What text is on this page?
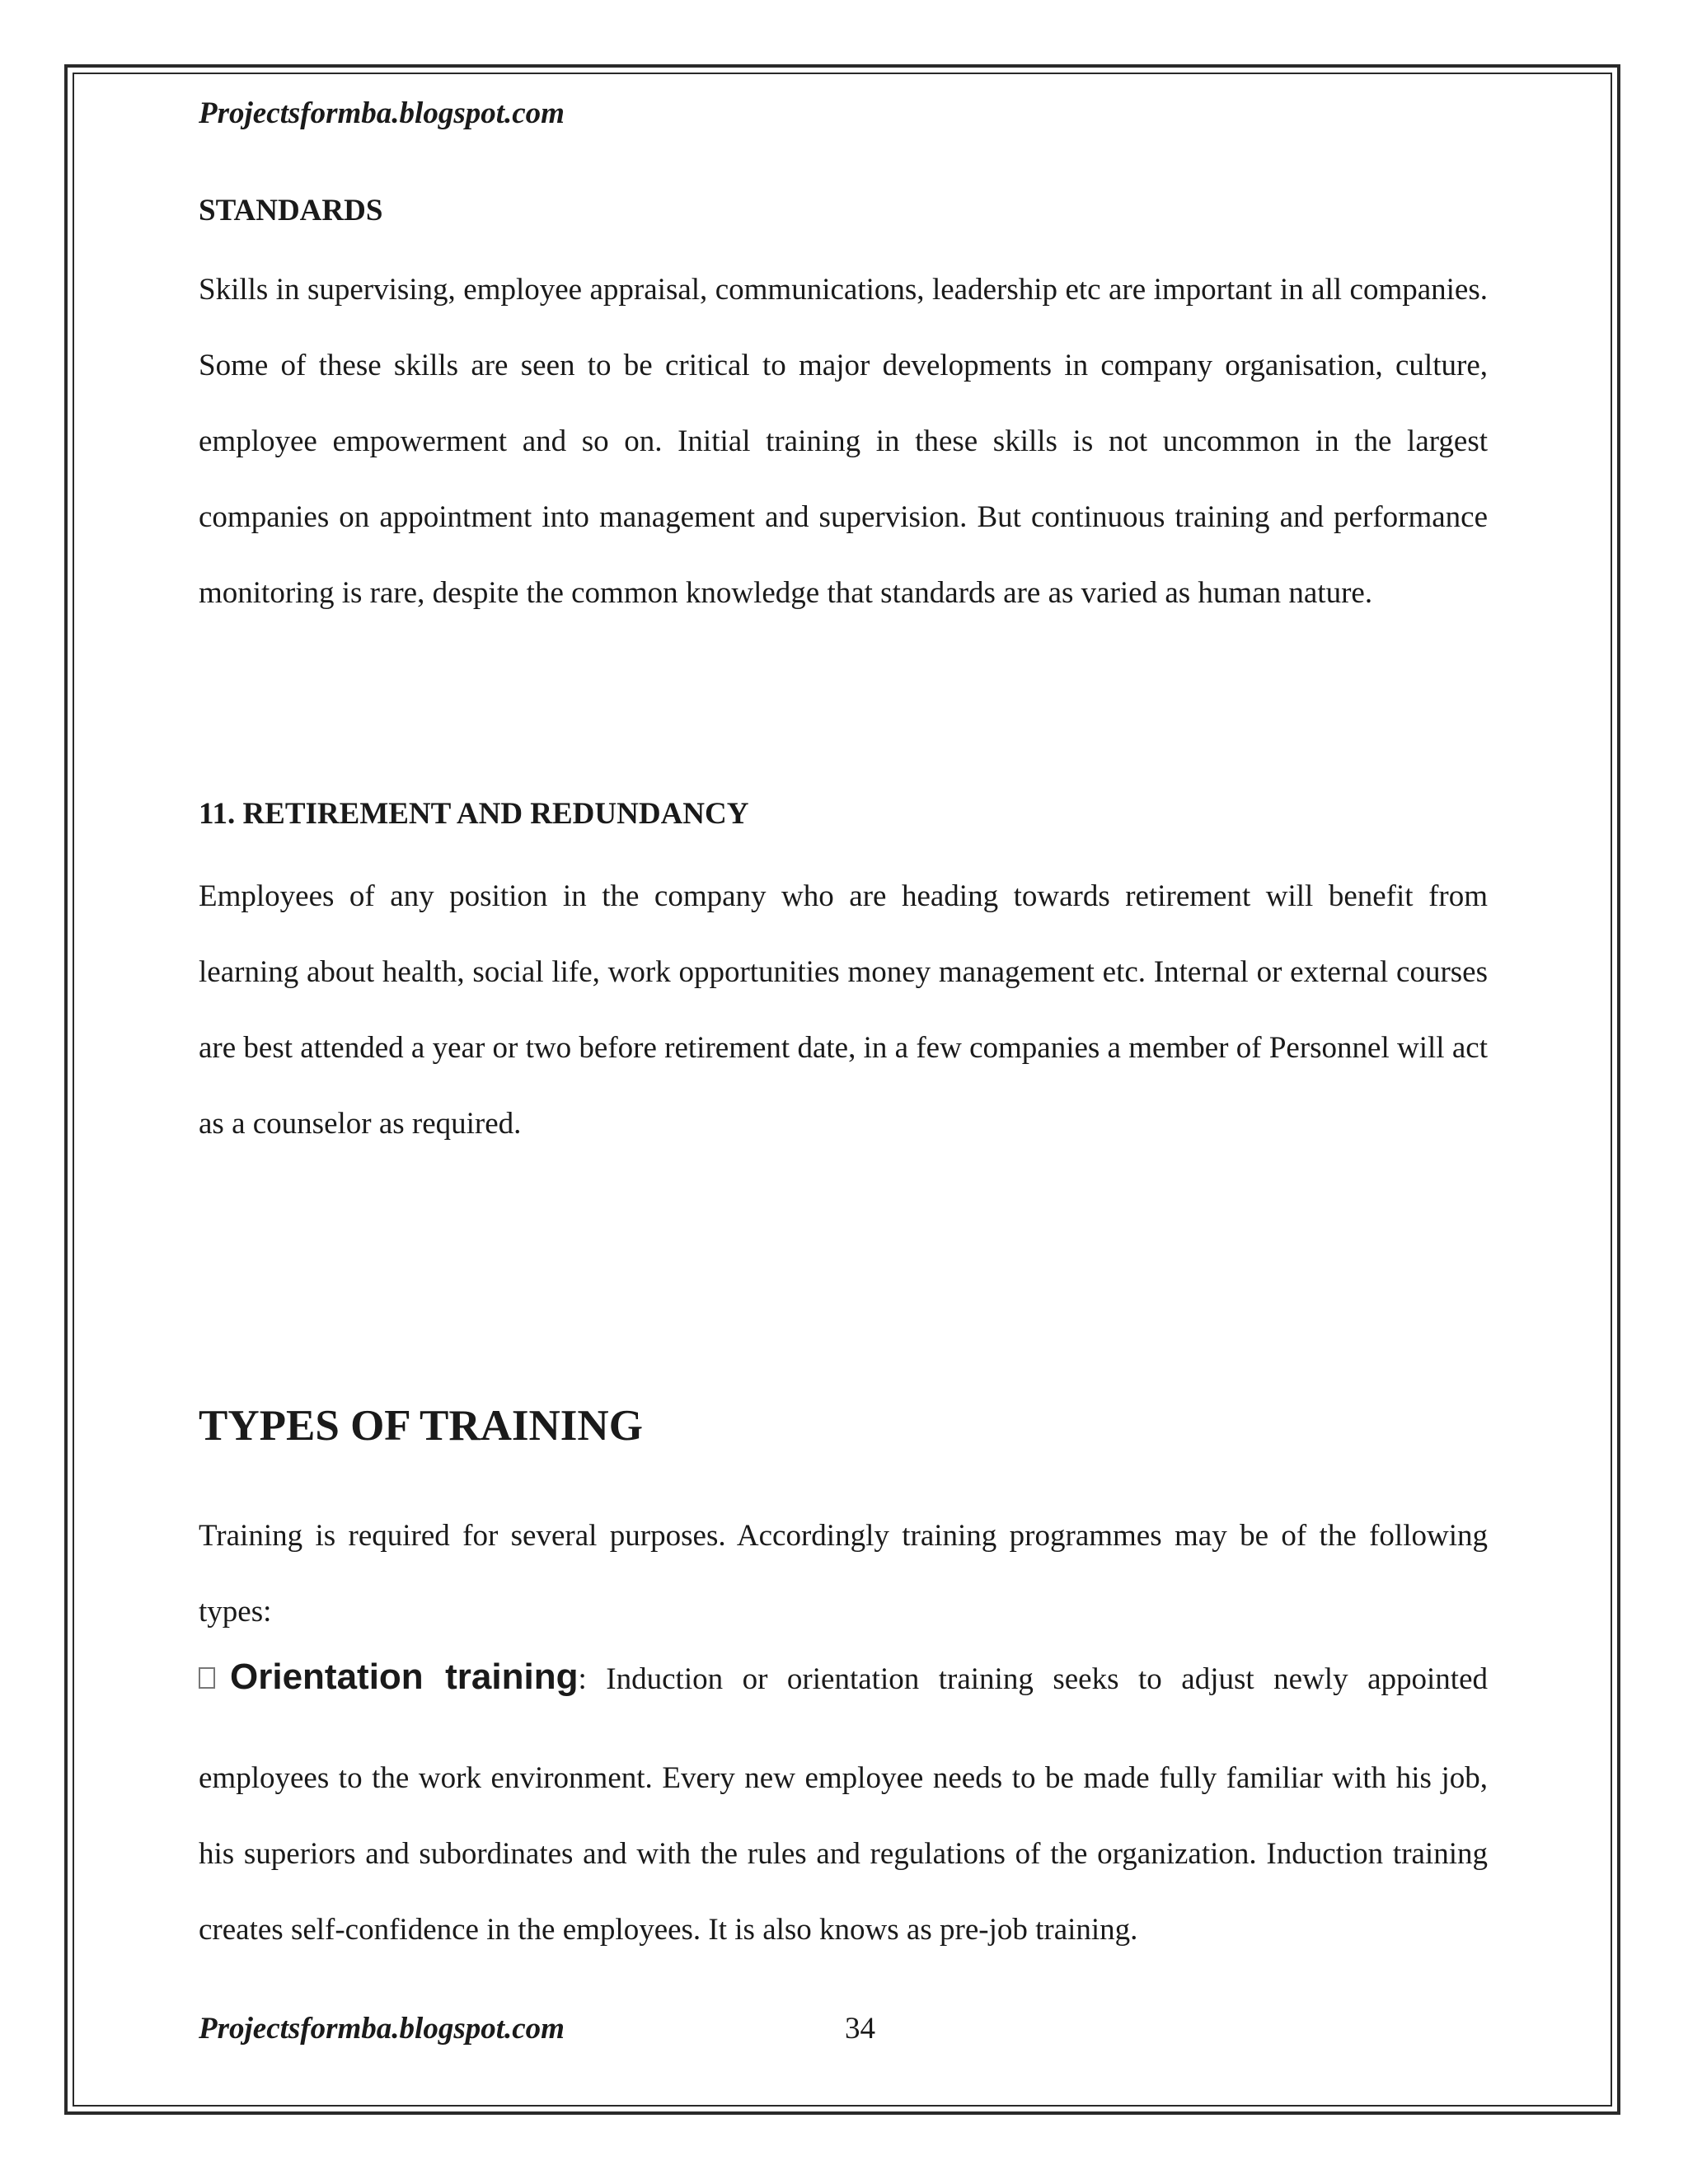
Projectsformba.blogspot.com

STANDARDS

Skills in supervising, employee appraisal, communications, leadership etc are important in all companies. Some of these skills are seen to be critical to major developments in company organisation, culture, employee empowerment and so on. Initial training in these skills is not uncommon in the largest companies on appointment into management and supervision. But continuous training and performance monitoring is rare, despite the common knowledge that standards are as varied as human nature.

11. RETIREMENT AND REDUNDANCY

Employees of any position in the company who are heading towards retirement will benefit from learning about health, social life, work opportunities money management etc. Internal or external courses are best attended a year or two before retirement date, in a few companies a member of Personnel will act as a counselor as required.

TYPES OF TRAINING

Training is required for several purposes. Accordingly training programmes may be of the following types:

Orientation training: Induction or orientation training seeks to adjust newly appointed

employees to the work environment. Every new employee needs to be made fully familiar with his job, his superiors and subordinates and with the rules and regulations of the organization. Induction training creates self-confidence in the employees. It is also knows as pre-job training.

Projectsformba.blogspot.com	34
